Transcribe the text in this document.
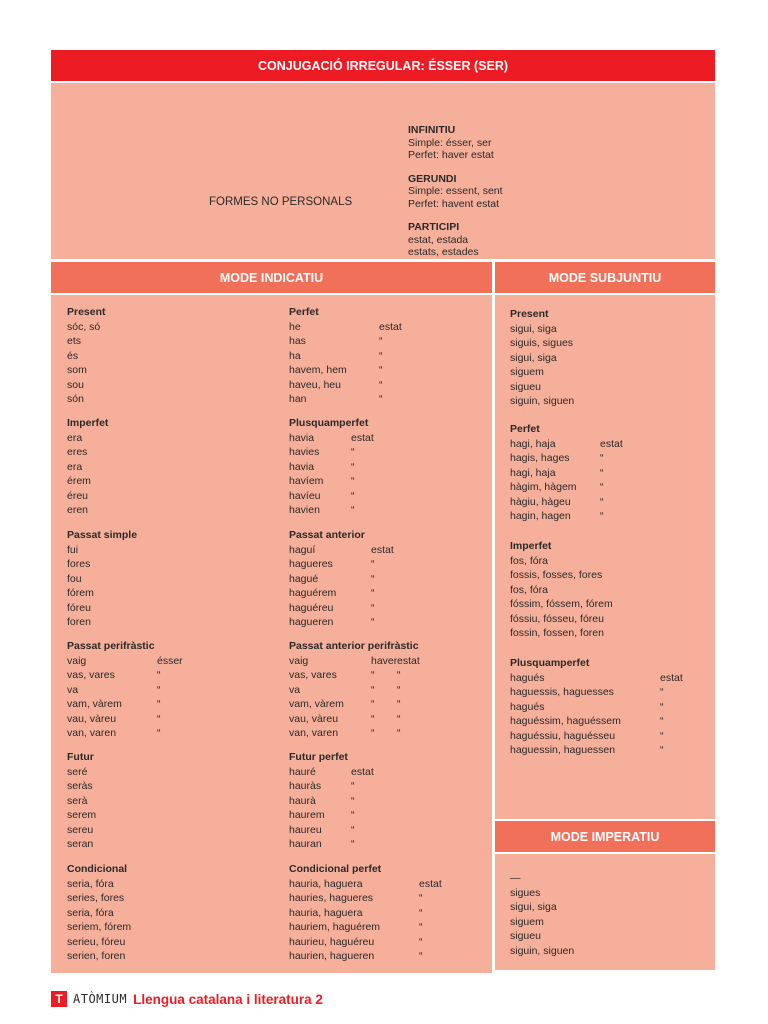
CONJUGACIÓ IRREGULAR: ÉSSER (SER)
FORMES NO PERSONALS
INFINITIU
Simple: ésser, ser
Perfet: haver estat
GERUNDI
Simple: essent, sent
Perfet: havent estat
PARTICIPI
estat, estada
estats, estades
MODE INDICATIU
Present
sóc, só
ets
és
som
sou
són
Imperfet
era
eres
era
érem
éreu
eren
Passat simple
fui
fores
fou
fórem
fóreu
foren
Passat perifràstic
vaig	ésser
vas, vares	“
va	“
vam, vàrem	“
vau, vàreu	“
van, varen	“
Futur
seré
seràs
serà
serem
sereu
seran
Condicional
seria, fóra
series, fores
seria, fóra
seriem, fórem
serieu, fóreu
serien, foren
Perfet
he	estat
has	“
ha	“
havem, hem	“
haveu, heu	“
han	“
Plusquamperfet
havia	estat
havies	“
havia	“
havíem	“
havíeu	“
havien	“
Passat anterior
haguí	estat
hagueres	“
hagué	“
haguérem	“
haguéreu	“
hagueren	“
Passat anterior perifràstic
vaig	haver estat
vas, vares	“	“
va	“	“
vam, vàrem	“	“
vau, vàreu	“	“
van, varen	“	“
Futur perfet
hauré	estat
hauràs	“
haurà	“
haurem	“
haureu	“
hauran	“
Condicional perfet
hauria, haguera	estat
hauries, hagueres	“
hauria, haguera	“
hauriem, haguérem	“
haurieu, haguéreu	“
haurien, hagueren	“
MODE SUBJUNTIU
Present
sigui, siga
siguis, sigues
sigui, siga
siguem
sigueu
siguin, siguen
Perfet
hagi, haja	estat
hagis, hages	“
hagi, haja	“
hàgim, hàgem	“
hàgiu, hàgeu	“
hagin, hagen	“
Imperfet
fos, fóra
fossis, fosses, fores
fos, fóra
fóssim, fóssem, fórem
fóssiu, fósseu, fóreu
fossin, fossen, foren
Plusquamperfet
hagués	estat
haguessis, haguesses	“
hagués	“
haguéssim, haguéssem	“
haguéssiu, haguésseu	“
haguessin, haguessen	“
MODE IMPERATIU
—
sigues
sigui, siga
siguem
sigueu
siguin, siguen
T ATÒMIUM Llengua catalana i literatura 2
